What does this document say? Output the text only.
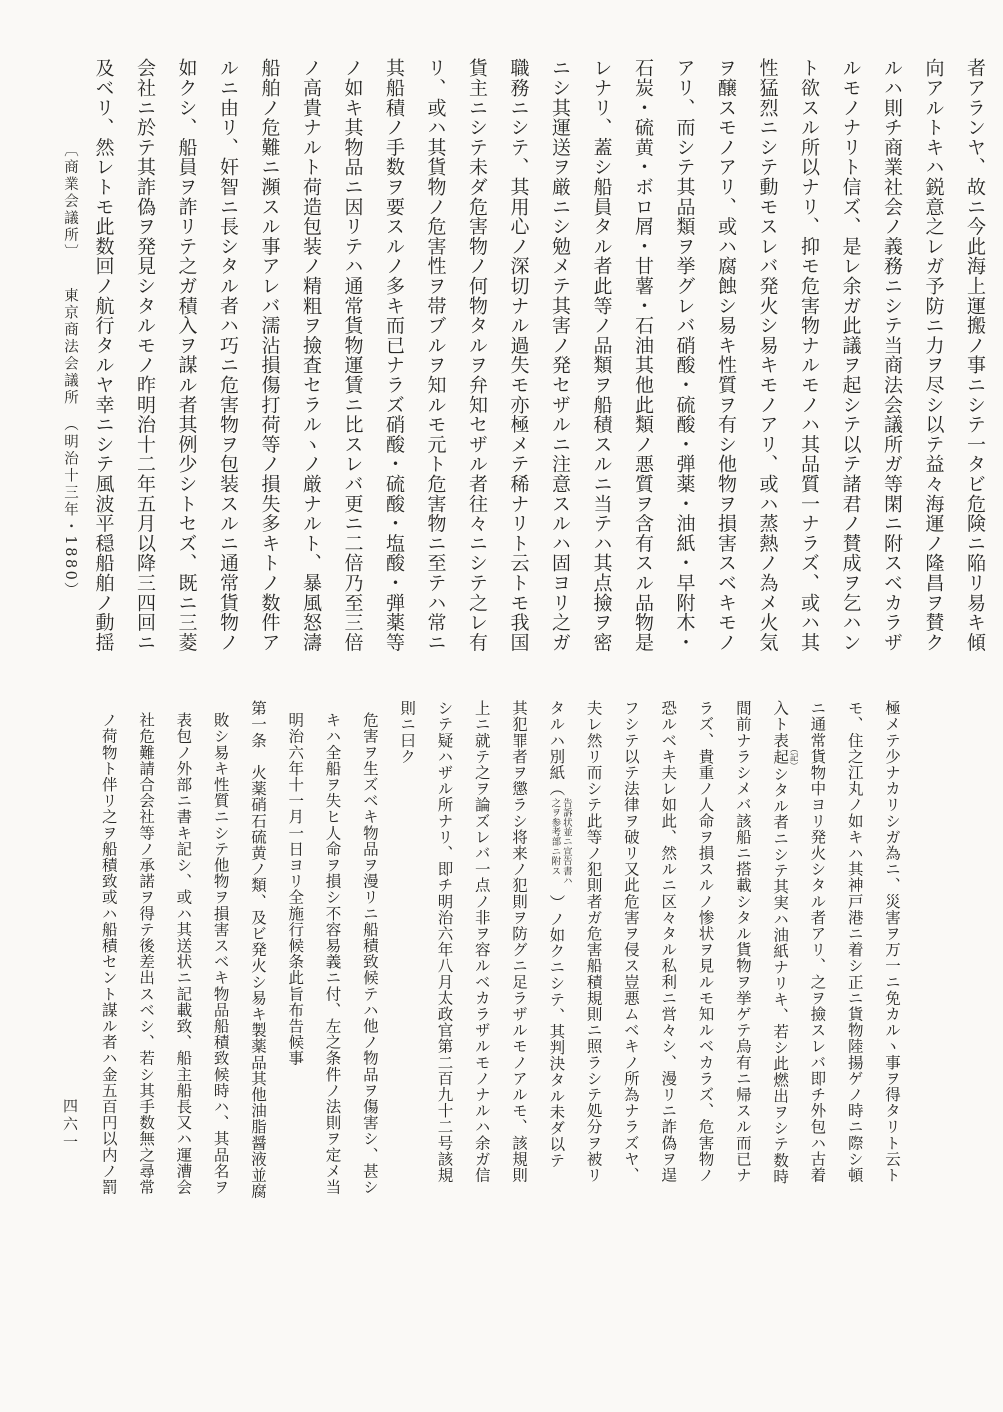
者アランヤ、故ニ今此海上運搬ノ事ニシテ一タビ危険ニ陥リ易キ傾
向アルトキハ鋭意之レガ予防ニ力ヲ尽シ以テ益々海運ノ隆昌ヲ賛ク
ルハ則チ商業社会ノ義務ニシテ当商法会議所ガ等閑ニ附スベカラザ
ルモノナリト信ズ、是レ余ガ此議ヲ起シテ以テ諸君ノ賛成ヲ乞ハン
ト欲スル所以ナリ、抑モ危害物ナルモノハ其品質一ナラズ、或ハ其
性猛烈ニシテ動モスレバ発火シ易キモノアリ、或ハ蒸熱ノ為メ火気
ヲ醸スモノアリ、或ハ腐蝕シ易キ性質ヲ有シ他物ヲ損害スベキモノ
アリ、而シテ其品類ヲ挙グレバ硝酸・硫酸・弾薬・油紙・早附木・
石炭・硫黄・ボロ屑・甘薯・石油其他此類ノ悪質ヲ含有スル品物是
レナリ、蓋シ船員タル者此等ノ品類ヲ船積スルニ当テハ其点撿ヲ密
ニシ其運送ヲ厳ニシ勉メテ其害ノ発セザルニ注意スルハ固ヨリ之ガ
職務ニシテ、其用心ノ深切ナル過失モ亦極メテ稀ナリト云トモ我国
貨主ニシテ未ダ危害物ノ何物タルヲ弁知セザル者往々ニシテ之レ有
リ、或ハ其貨物ノ危害性ヲ帯ブルヲ知ルモ元ト危害物ニ至テハ常ニ
其船積ノ手数ヲ要スルノ多キ而已ナラズ硝酸・硫酸・塩酸・弾薬等
ノ如キ其物品ニ因リテハ通常貨物運賃ニ比スレバ更ニ二倍乃至三倍
ノ高貴ナルト荷造包装ノ精粗ヲ撿査セラルヽノ厳ナルト、暴風怒濤
船舶ノ危難ニ瀕スル事アレバ濡沾損傷打荷等ノ損失多キトノ数件ア
ルニ由リ、奸智ニ長シタル者ハ巧ニ危害物ヲ包装スルニ通常貨物ノ
如クシ、船員ヲ詐リテ之ガ積入ヲ謀ル者其例少シトセズ、既ニ三菱
会社ニ於テ其詐偽ヲ発見シタルモノ昨明治十二年五月以降三四回ニ
及ベリ、然レトモ此数回ノ航行タルヤ幸ニシテ風波平穏船舶ノ動揺
〔商業会議所〕　　東京商法会議所　（明治十三年・1880）
極メテ少ナカリシガ為ニ、災害ヲ万一ニ免カルヽ事ヲ得タリト云ト
モ、住之江丸ノ如キハ其神戸港ニ着シ正ニ貨物陸揚ゲノ時ニ際シ頓
ニ通常貨物中ヨリ発火シタル者アリ、之ヲ撿スレバ即チ外包ハ古着
入ト表起 （記）シタル者ニシテ其実ハ油紙ナリキ、若シ此燃出ヲシテ数時
間前ナラシメバ該船ニ搭載シタル貨物ヲ挙ゲテ烏有ニ帰スル而已ナ
ラズ、貴重ノ人命ヲ損スルノ惨状ヲ見ルモ知ルベカラズ、危害物ノ
恐ルベキ夫レ如此、然ルニ区々タル私利ニ営々シ、漫リニ詐偽ヲ逞
フシテ以テ法律ヲ破リ又此危害ヲ侵ス豈悪ムベキノ所為ナラズヤ、
夫レ然リ而シテ此等ノ犯則者ガ危害船積規則ニ照ラシテ処分ヲ被リ
タルハ別紙（
告訴状並ニ宣告書ハ
之ヲ参考部ニ附ス
）ノ如クニシテ、其判決タル未ダ以テ
其犯罪者ヲ懲ラシ将来ノ犯則ヲ防グニ足ラザルモノアルモ、該規則
上ニ就テ之ヲ論ズレバ一点ノ非ヲ容ルベカラザルモノナルハ余ガ信
シテ疑ハザル所ナリ、即チ明治六年八月太政官第二百九十二号該規
則ニ曰ク
危害ヲ生ズベキ物品ヲ漫リニ船積致候テハ他ノ物品ヲ傷害シ、甚シ
キハ全船ヲ失ヒ人命ヲ損シ不容易義ニ付、左之条件ノ法則ヲ定メ当
明治六年十一月一日ヨリ全施行候条此旨布告候事
第一条　火薬硝石硫黄ノ類、及ビ発火シ易キ製薬品其他油脂醤液並腐
敗シ易キ性質ニシテ他物ヲ損害スベキ物品船積致候時ハ、其品名ヲ
表包ノ外部ニ書キ記シ、或ハ其送状ニ記載致、船主船長又ハ運漕会
社危難請合会社等ノ承諾ヲ得テ後差出スベシ、若シ其手数無之尋常
ノ荷物ト伴リ之ヲ船積致或ハ船積セント謀ル者ハ金五百円以内ノ罰
四六一
